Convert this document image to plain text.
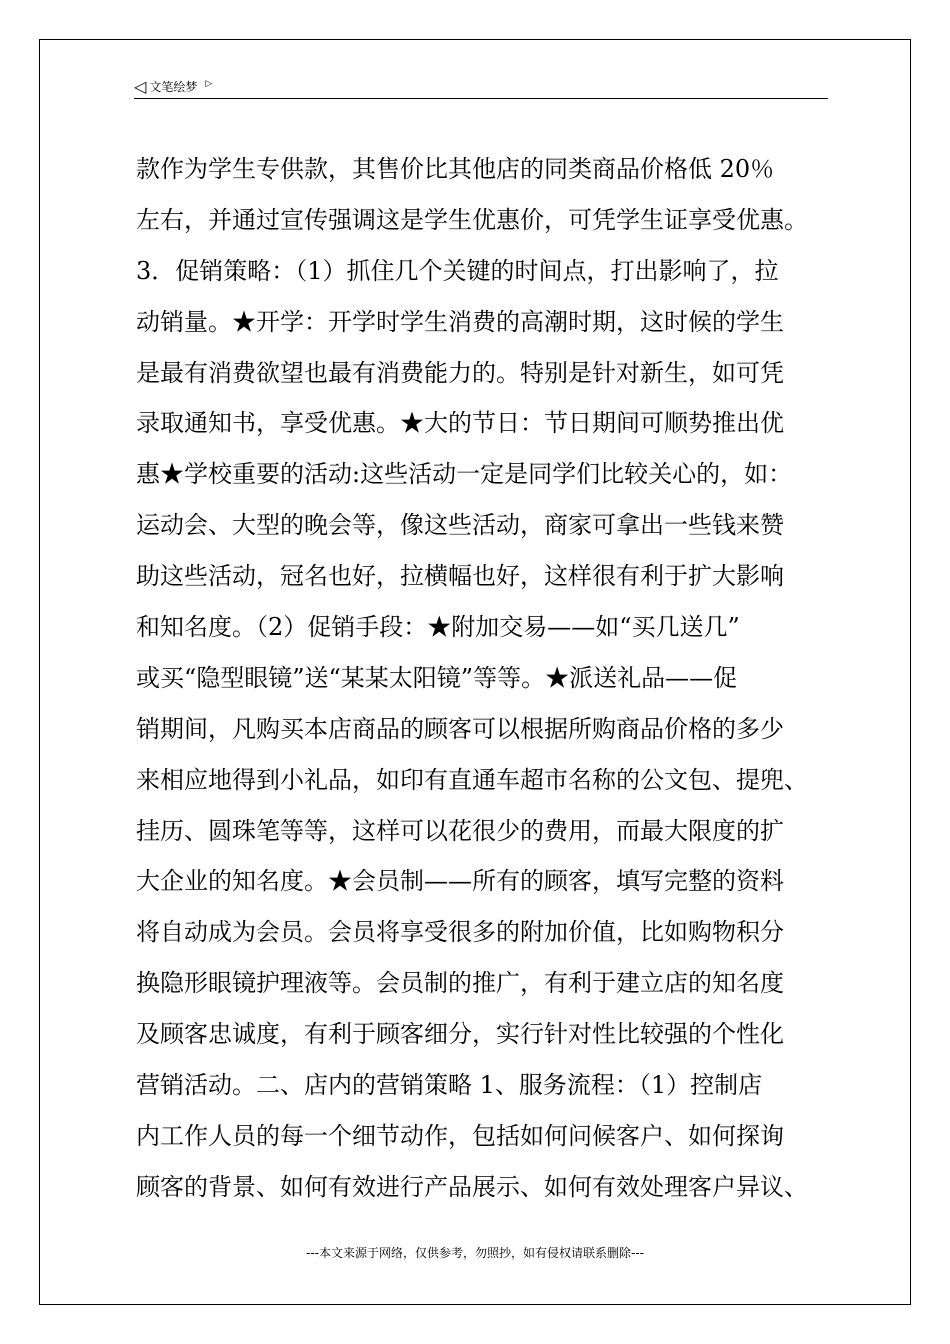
◁ 文笔绘梦 ▷
款作为学生专供款，其售价比其他店的同类商品价格低 20％
左右，并通过宣传强调这是学生优惠价，可凭学生证享受优惠。
3．促销策略：（1）抓住几个关键的时间点，打出影响了，拉
动销量。★开学：开学时学生消费的高潮时期，这时候的学生
是最有消费欲望也最有消费能力的。特别是针对新生，如可凭
录取通知书，享受优惠。★大的节日：节日期间可顺势推出优
惠★学校重要的活动:这些活动一定是同学们比较关心的，如：
运动会、大型的晚会等，像这些活动，商家可拿出一些钱来赞
助这些活动，冠名也好，拉横幅也好，这样很有利于扩大影响
和知名度。（2）促销手段：★附加交易——如“买几送几”
或买“隐型眼镜”送“某某太阳镜”等等。★派送礼品——促
销期间，凡购买本店商品的顾客可以根据所购商品价格的多少
来相应地得到小礼品，如印有直通车超市名称的公文包、提兜、
挂历、圆珠笔等等，这样可以花很少的费用，而最大限度的扩
大企业的知名度。★会员制——所有的顾客，填写完整的资料
将自动成为会员。会员将享受很多的附加价值，比如购物积分
换隐形眼镜护理液等。会员制的推广，有利于建立店的知名度
及顾客忠诚度，有利于顾客细分，实行针对性比较强的个性化
营销活动。二、店内的营销策略 1、服务流程：（1）控制店
内工作人员的每一个细节动作，包括如何问候客户、如何探询
顾客的背景、如何有效进行产品展示、如何有效处理客户异议、
---本文来源于网络，仅供参考，勿照抄，如有侵权请联系删除---
